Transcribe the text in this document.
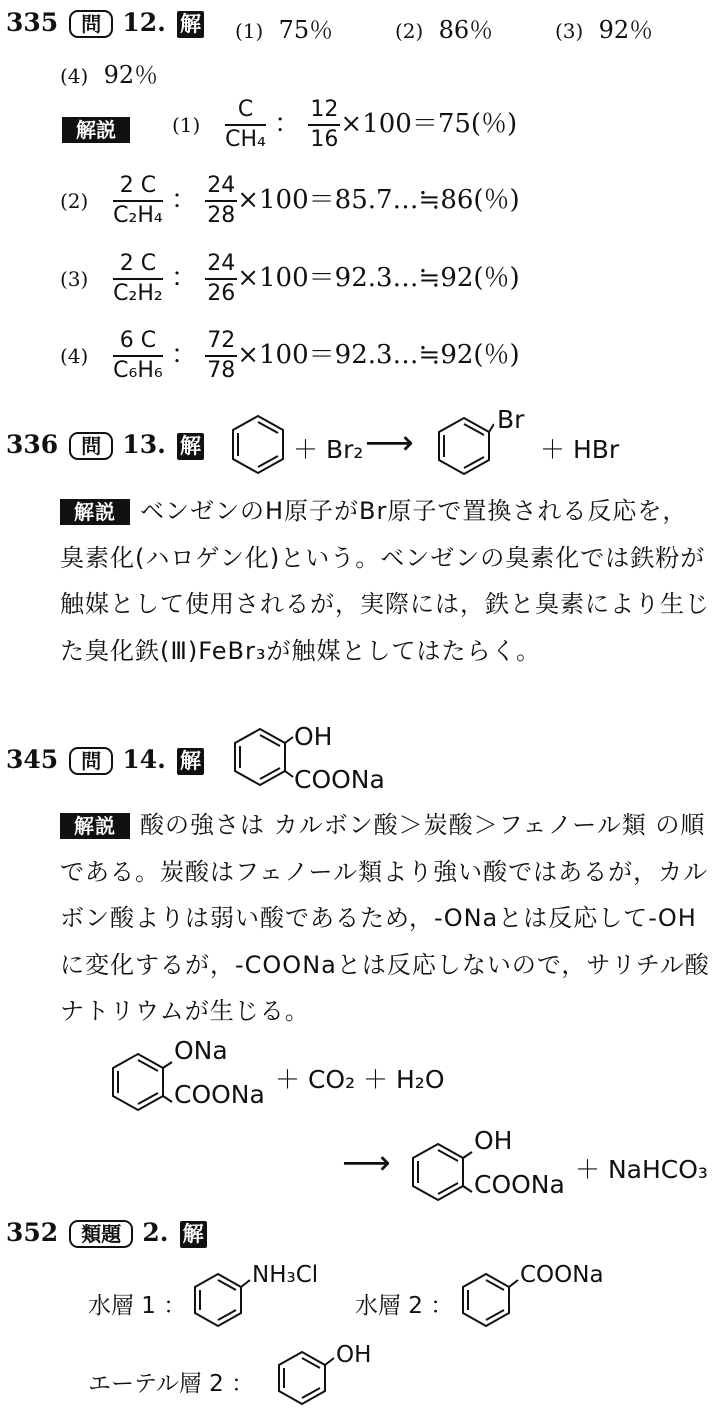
335 問 12. 解 (1) 75％	(2) 86％	(3) 92％
(4) 92％
解説	$(1) \frac{C}{\text{CH₄}}$ ： $\frac{12}{16} \times 100=75$(％)
$(2) \frac{2 C}{\text{C₂H₄}}$ ： $\frac{24}{28}$ ×100＝85.7…≒86(％)
$(3) \frac{2 C}{\text{C₂H₂}}$ ： $\frac{24}{26}$ ×100＝92.3…≒92(％)
$(4) \frac{6 C}{\text{C₆H₆}}$ ： $\frac{72}{78}$ ×100＝92.3…≒92(％)
336 問 13. 解	＋ Br₂ ⟶
Br
＋ HBr
解説 ベンゼンのH原子がBr原子で置換される反応を，臭素化(ハロゲン化)という。ベンゼンの臭素化では鉄粉が触媒として使用されるが，実際には，鉄と臭素により生じた臭化鉄(Ⅲ)FeBr₃が触媒としてはたらく。
345 問 14. 解
OH
COONa
解説 酸の強さは カルボン酸＞炭酸＞フェノール類 の順である。炭酸はフェノール類より強い酸ではあるが，カルボン酸よりは弱い酸であるため，-ONaとは反応して-OHに変化するが，-COONaとは反応しないので，サリチル酸ナトリウムが生じる。
ONa
COONa
＋ CO₂ ＋ H₂O
⟶
OH
COONa
＋ NaHCO₃
352 類題 2. 解
水層 1 ：
NH₃Cl
水層 2 ：
COONa
エーテル層 2 ：
OH
